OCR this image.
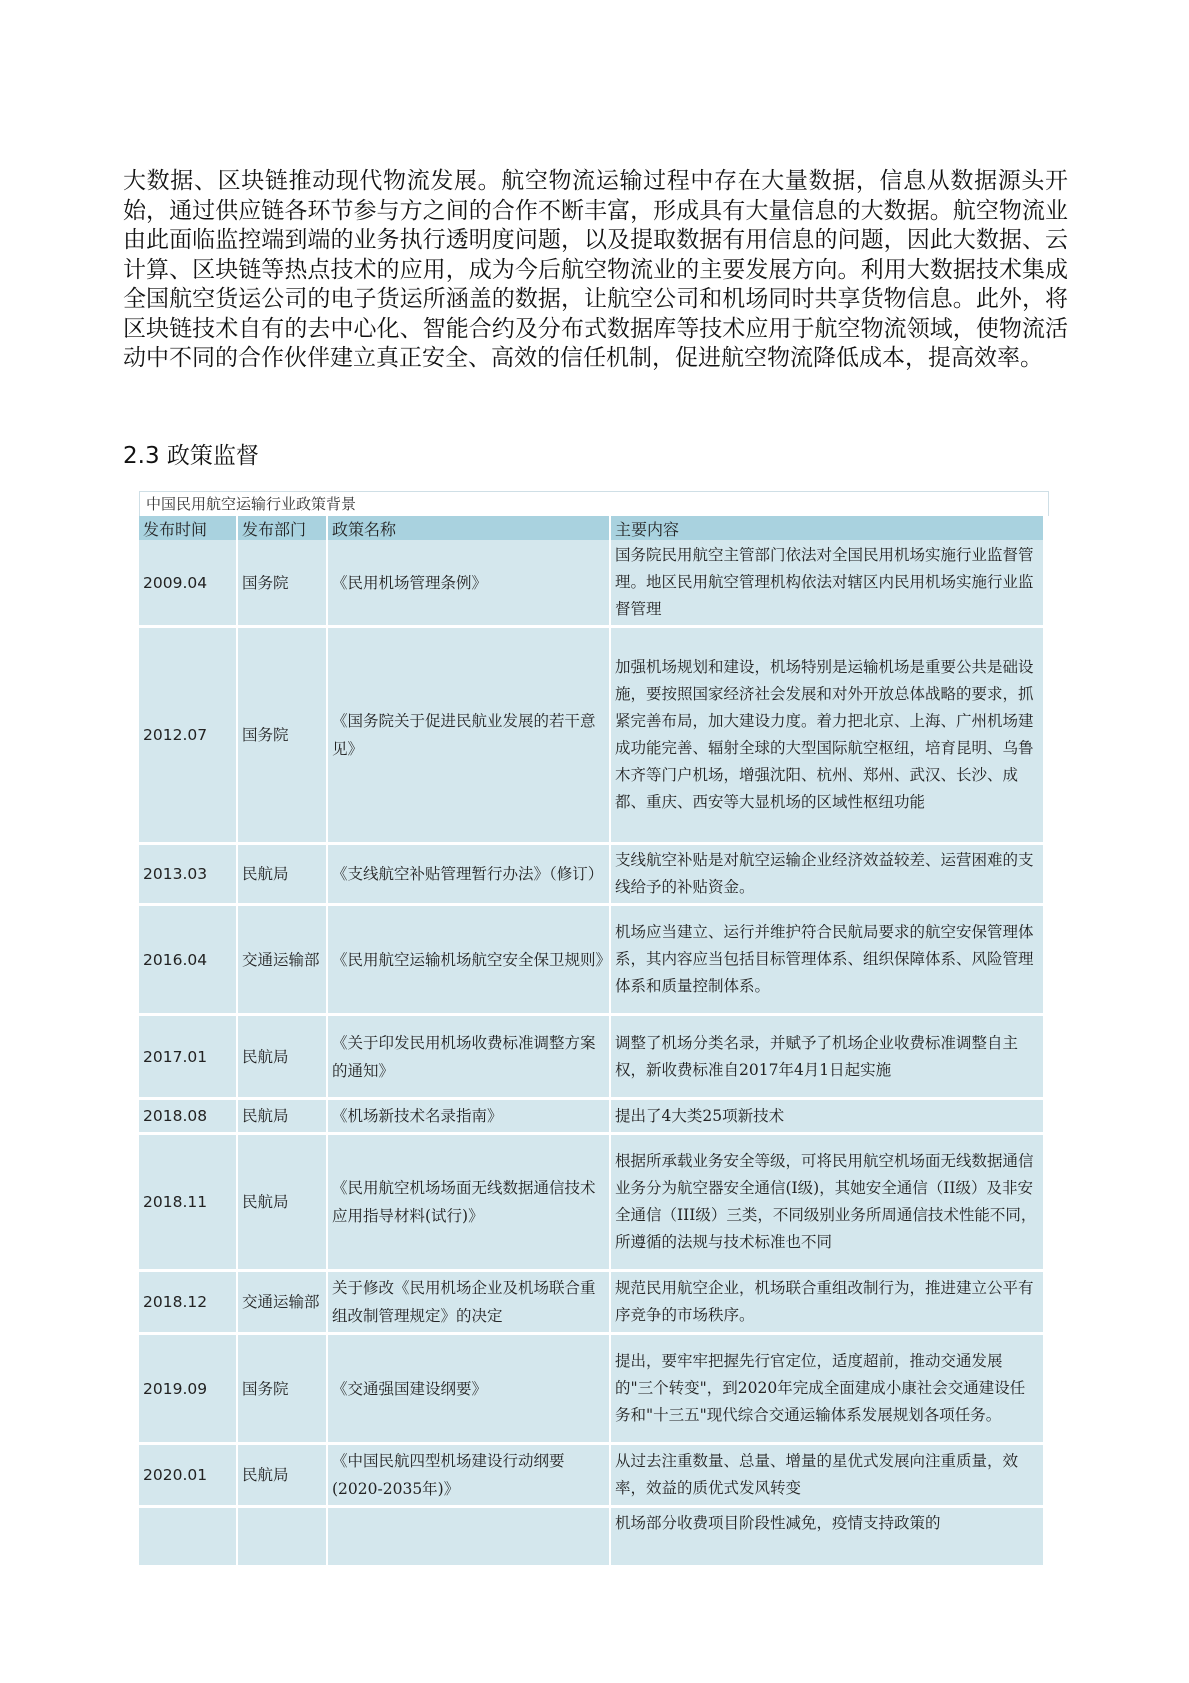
大数据、区块链推动现代物流发展。航空物流运输过程中存在大量数据，信息从数据源头开始，通过供应链各环节参与方之间的合作不断丰富，形成具有大量信息的大数据。航空物流业由此面临监控端到端的业务执行透明度问题，以及提取数据有用信息的问题，因此大数据、云计算、区块链等热点技术的应用，成为今后航空物流业的主要发展方向。利用大数据技术集成全国航空货运公司的电子货运所涵盖的数据，让航空公司和机场同时共享货物信息。此外，将区块链技术自有的去中心化、智能合约及分布式数据库等技术应用于航空物流领域，使物流活动中不同的合作伙伴建立真正安全、高效的信任机制，促进航空物流降低成本，提高效率。

2.3 政策监督
中国民用航空运输行业政策背景
发布时间	发布部门	政策名称	主要内容
2009.04	国务院	《民用机场管理条例》	国务院民用航空主管部门依法对全国民用机场实施行业监督管理。地区民用航空管理机构依法对辖区内民用机场实施行业监督管理
2012.07	国务院	《国务院关于促进民航业发展的若干意见》	加强机场规划和建设，机场特别是运输机场是重要公共是础设施，要按照国家经济社会发展和对外开放总体战略的要求，抓紧完善布局，加大建设力度。着力把北京、上海、广州机场建成功能完善、辐射全球的大型国际航空枢纽，培育昆明、乌鲁木齐等门户机场，增强沈阳、杭州、郑州、武汉、长沙、成都、重庆、西安等大显机场的区域性枢纽功能
2013.03	民航局	《支线航空补贴管理暂行办法》（修订）	支线航空补贴是对航空运输企业经济效益较差、运营困难的支线给予的补贴资金。
2016.04	交通运输部	《民用航空运输机场航空安全保卫规则》	机场应当建立、运行并维护符合民航局要求的航空安保管理体系，其内容应当包括目标管理体系、组织保障体系、风险管理体系和质量控制体系。
2017.01	民航局	《关于印发民用机场收费标准调整方案的通知》	调整了机场分类名录，并赋予了机场企业收费标准调整自主权，新收费标准自2017年4月1日起实施
2018.08	民航局	《机场新技术名录指南》	提出了4大类25项新技术
2018.11	民航局	《民用航空机场场面无线数据通信技术应用指导材料(试行)》	根据所承载业务安全等级，可将民用航空机场面无线数据通信业务分为航空器安全通信(I级)，其她安全通信（II级）及非安全通信（III级）三类，不同级别业务所周通信技术性能不同，所遵循的法规与技术标准也不同
2018.12	交通运输部	关于修改《民用机场企业及机场联合重组改制管理规定》的决定	规范民用航空企业，机场联合重组改制行为，推进建立公平有序竞争的市场秩序。
2019.09	国务院	《交通强国建设纲要》	提出，要牢牢把握先行官定位，适度超前，推动交通发展的"三个转变"，到2020年完成全面建成小康社会交通建设任务和"十三五"现代综合交通运输体系发展规划各项任务。
2020.01	民航局	《中国民航四型机场建设行动纲要(2020-2035年)》	从过去注重数量、总量、增量的星优式发展向注重质量，效率，效益的质优式发风转变
			机场部分收费项目阶段性减免，疫情支持政策的
